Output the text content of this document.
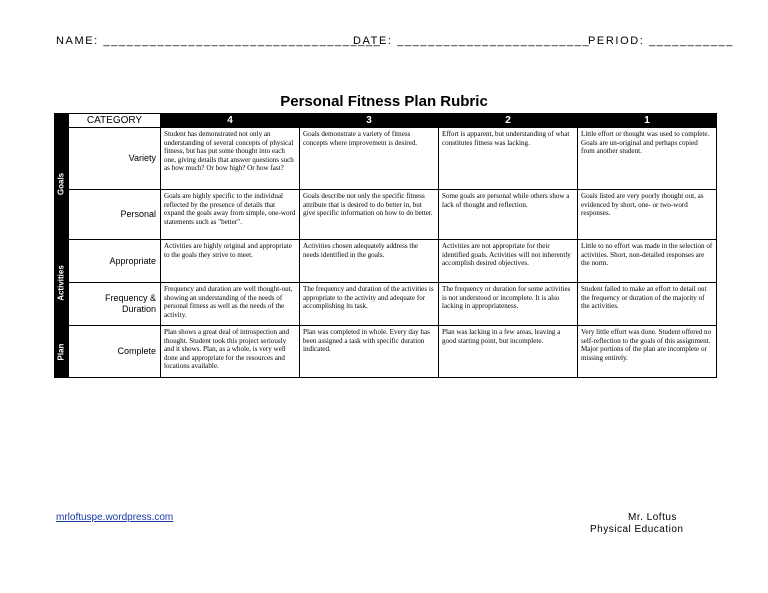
NAME: ____________________________________
DATE: _________________________
PERIOD: ___________
Personal Fitness Plan Rubric
	CATEGORY	4	3	2	1

Goals	Variety	Student has demonstrated not only an understanding of several concepts of physical fitness, but has put some thought into each one, giving details that answer questions such as how much? Or how high? Or how fast?	Goals demonstrate a variety of fitness concepts where improvement is desired.	Effort is apparent, but understanding of what constitutes fitness was lacking.	Little effort or thought was used to complete. Goals are un-original and perhaps copied from another student.
	Personal	Goals are highly specific to the individual reflected by the presence of details that expand the goals away from simple, one-word statements such as "better".	Goals describe not only the specific fitness attribute that is desired to do better in, but give specific information on how to do better.	Some goals are personal while others show a lack of thought and reflection.	Goals listed are very poorly thought out, as evidenced by short, one- or two-word responses.

Activities	Appropriate	Activities are highly original and appropriate to the goals they strive to meet.	Activities chosen adequately address the needs identified in the goals.	Activities are not appropriate for their identified goals. Activities will not inherently accomplish desired objectives.	Little to no effort was made in the selection of activities. Short, non-detailed responses are the norm.
	Frequency & Duration	Frequency and duration are well thought-out, showing an understanding of the needs of personal fitness as well as the needs of the activity.	The frequency and duration of the activities is appropriate to the activity and adequate for accomplishing its task.	The frequency or duration for some activities is not understood or incomplete. It is also lacking in appropriateness.	Student failed to make an effort to detail out the frequency or duration of the majority of the activities.

Plan	Complete	Plan shows a great deal of introspection and thought. Student took this project seriously and it shows. Plan, as a whole, is very well done and appropriate for the resources and locations available.	Plan was completed in whole. Every day has been assigned a task with specific duration indicated.	Plan was lacking in a few areas, leaving a good starting point, but incomplete.	Very little effort was done. Student offered no self-reflection to the goals of this assignment. Major portions of the plan are incomplete or missing entirely.
mrloftuspe.wordpress.com	Mr. Loftus
Physical Education
